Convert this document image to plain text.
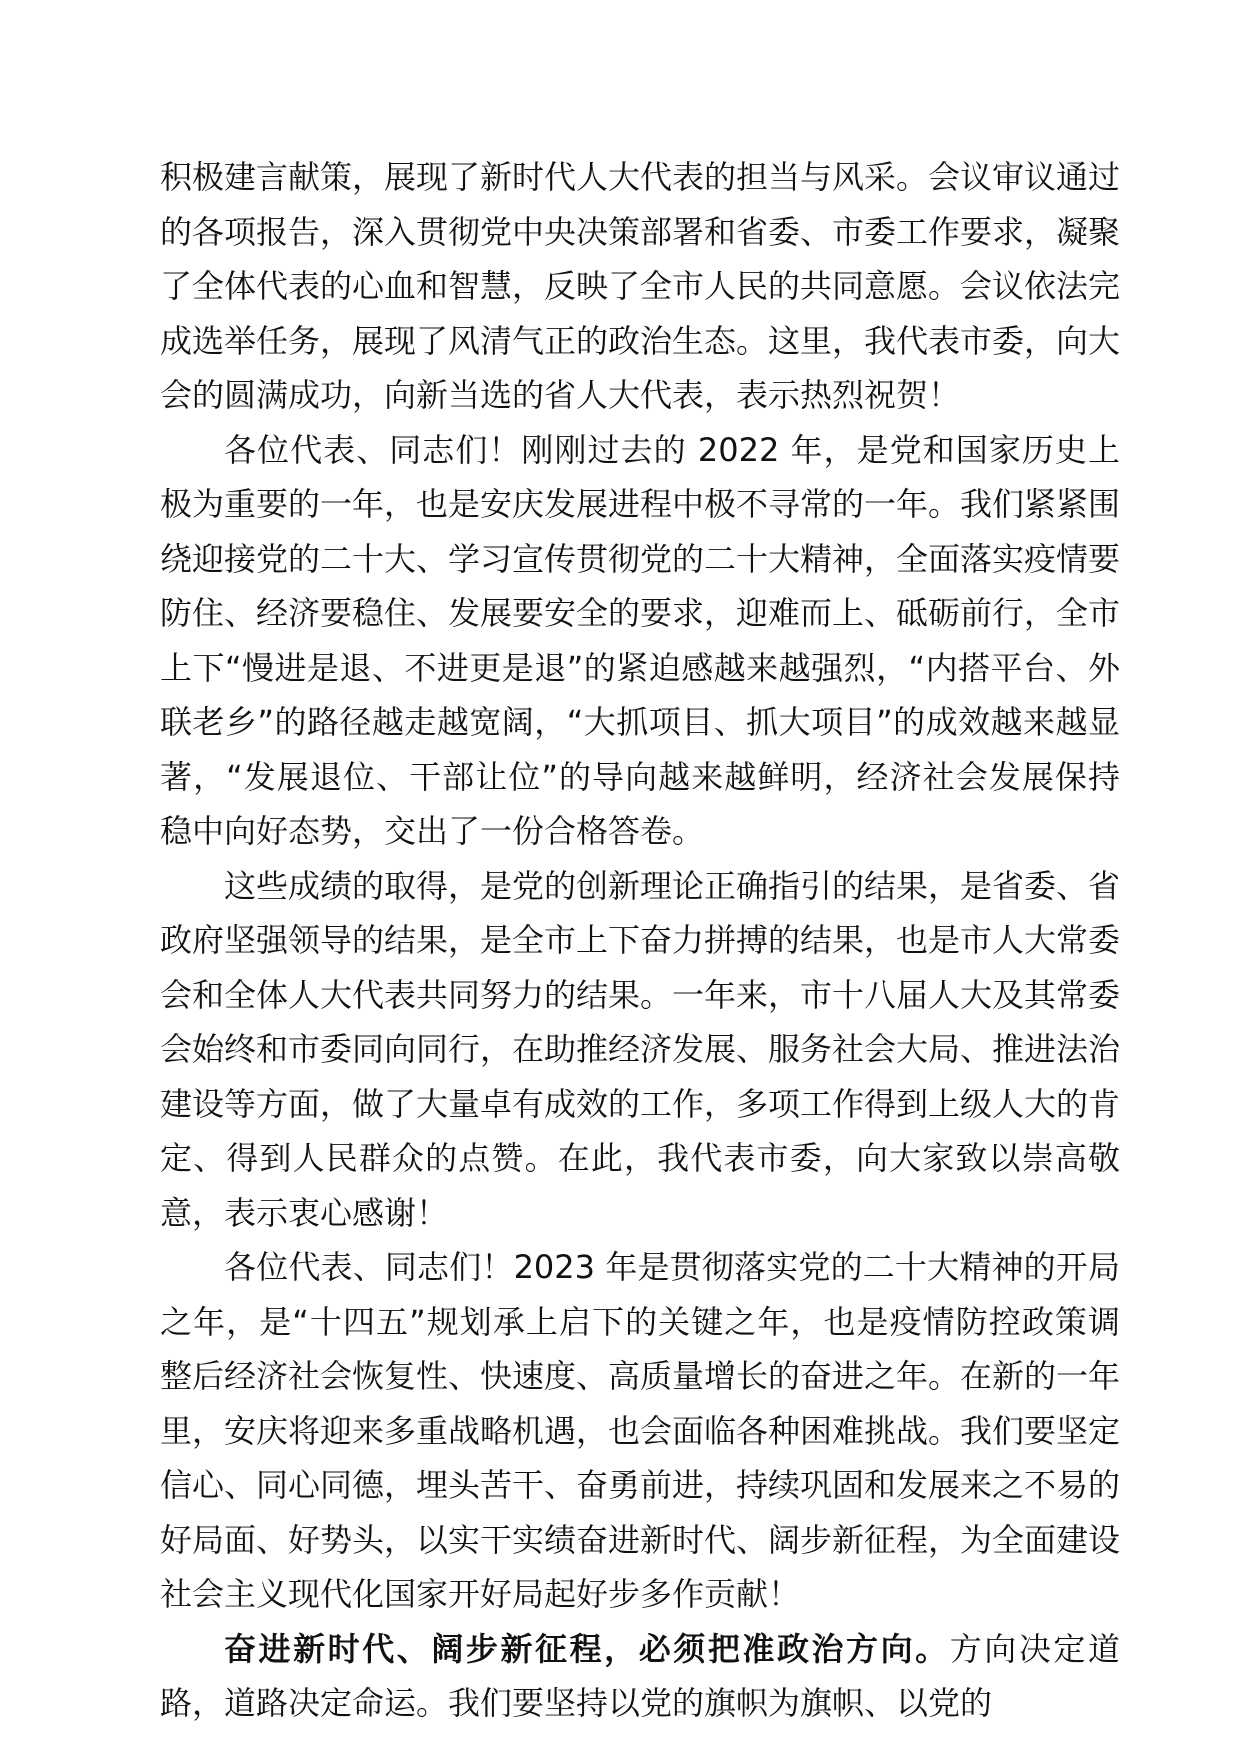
积极建言献策，展现了新时代人大代表的担当与风采。会议审议通过的各项报告，深入贯彻党中央决策部署和省委、市委工作要求，凝聚了全体代表的心血和智慧，反映了全市人民的共同意愿。会议依法完成选举任务，展现了风清气正的政治生态。这里，我代表市委，向大会的圆满成功，向新当选的省人大代表，表示热烈祝贺！

各位代表、同志们！刚刚过去的 2022 年，是党和国家历史上极为重要的一年，也是安庆发展进程中极不寻常的一年。我们紧紧围绕迎接党的二十大、学习宣传贯彻党的二十大精神，全面落实疫情要防住、经济要稳住、发展要安全的要求，迎难而上、砥砺前行，全市上下“慢进是退、不进更是退”的紧迫感越来越强烈，“内搭平台、外联老乡”的路径越走越宽阔，“大抓项目、抓大项目”的成效越来越显著，“发展退位、干部让位”的导向越来越鲜明，经济社会发展保持稳中向好态势，交出了一份合格答卷。

这些成绩的取得，是党的创新理论正确指引的结果，是省委、省政府坚强领导的结果，是全市上下奋力拼搏的结果，也是市人大常委会和全体人大代表共同努力的结果。一年来，市十八届人大及其常委会始终和市委同向同行，在助推经济发展、服务社会大局、推进法治建设等方面，做了大量卓有成效的工作，多项工作得到上级人大的肯定、得到人民群众的点赞。在此，我代表市委，向大家致以崇高敬意，表示衷心感谢！

各位代表、同志们！2023 年是贯彻落实党的二十大精神的开局之年，是“十四五”规划承上启下的关键之年，也是疫情防控政策调整后经济社会恢复性、快速度、高质量增长的奋进之年。在新的一年里，安庆将迎来多重战略机遇，也会面临各种困难挑战。我们要坚定信心、同心同德，埋头苦干、奋勇前进，持续巩固和发展来之不易的好局面、好势头，以实干实绩奋进新时代、阔步新征程，为全面建设社会主义现代化国家开好局起好步多作贡献！

奋进新时代、阔步新征程，必须把准政治方向。方向决定道路，道路决定命运。我们要坚持以党的旗帜为旗帜、以党的
